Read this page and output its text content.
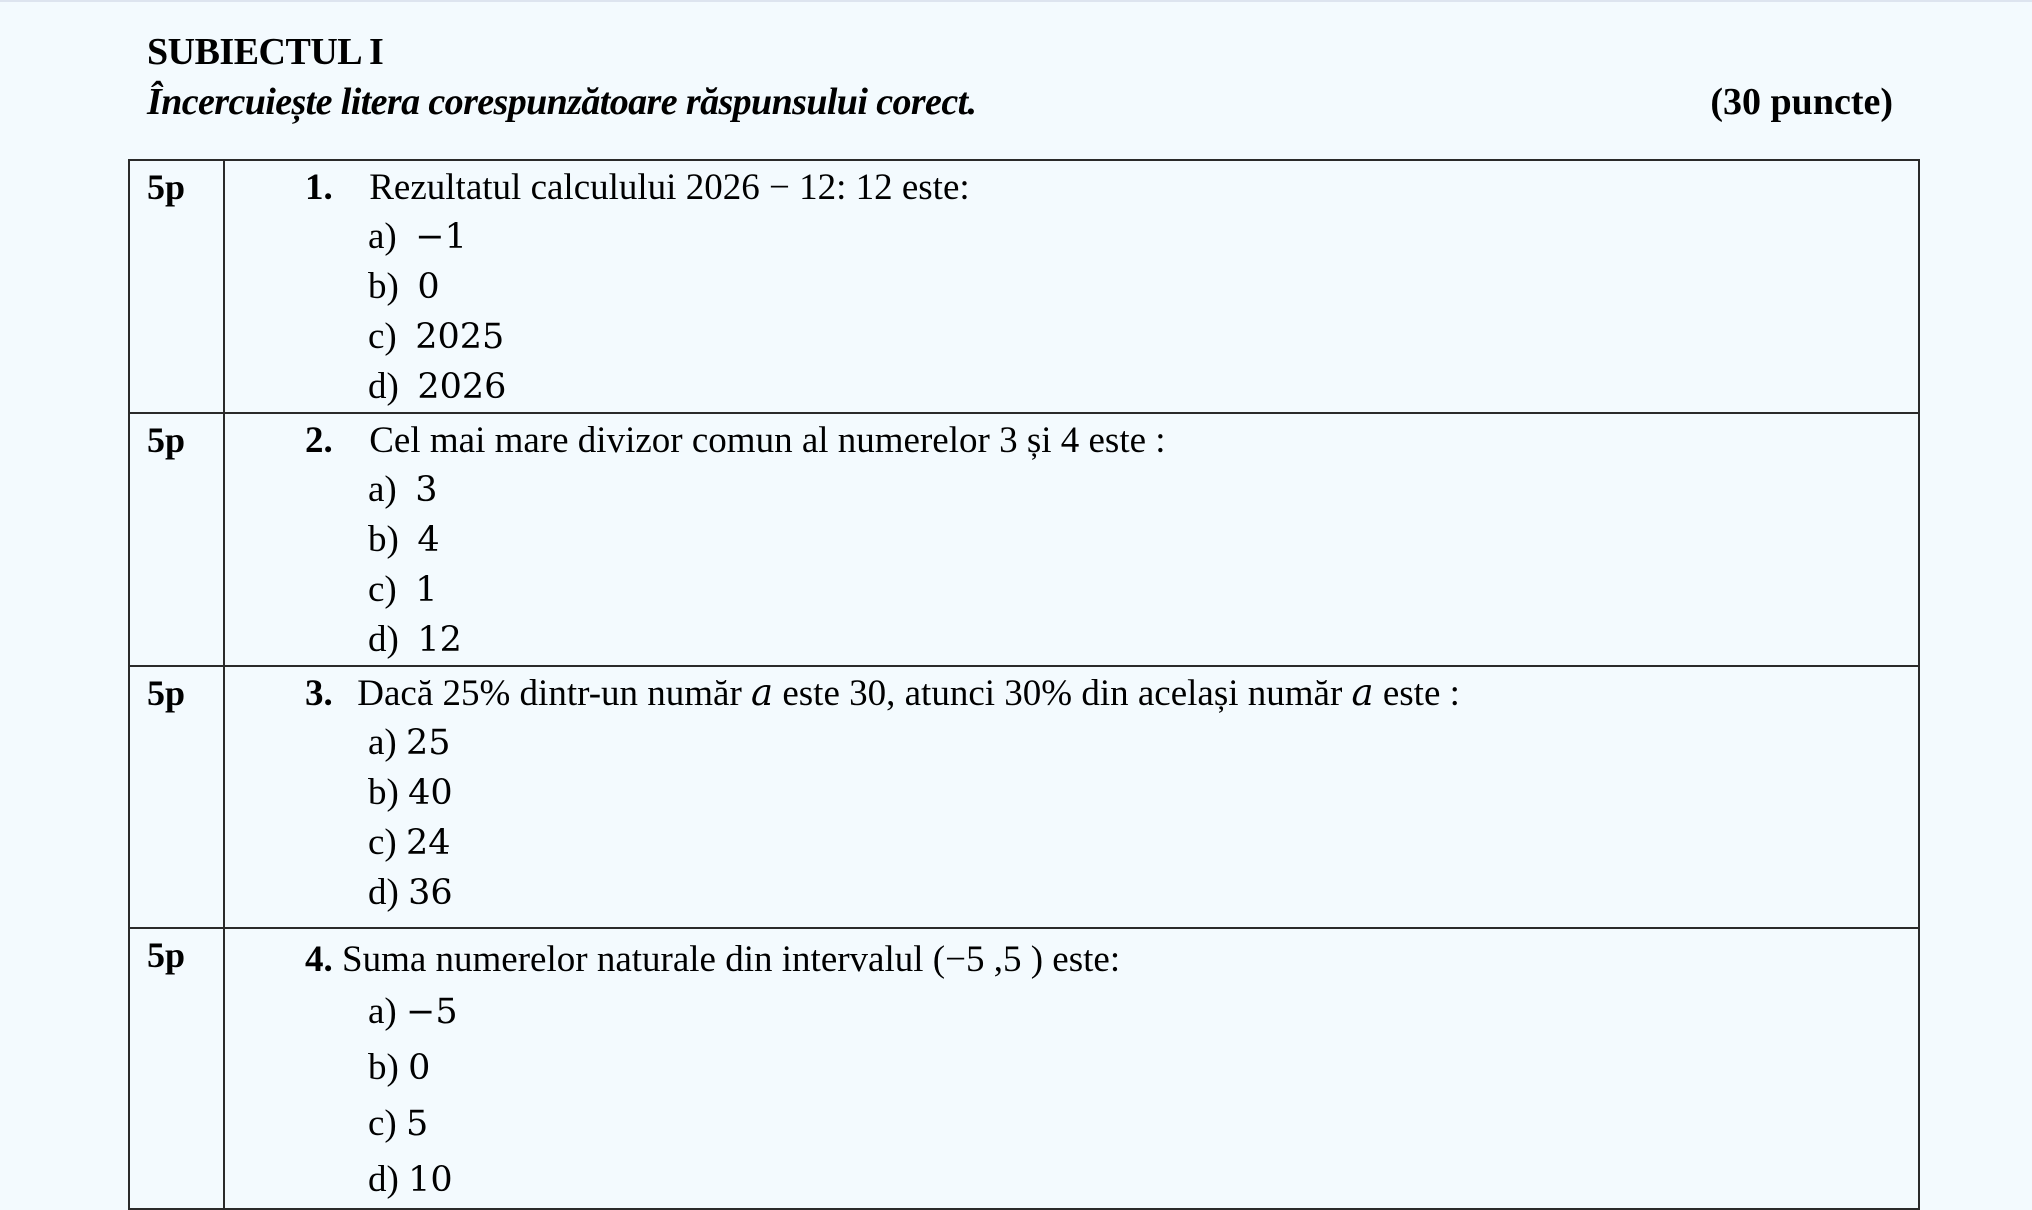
SUBIECTUL I
Încercuiește litera corespunzătoare răspunsului corect.	(30 puncte)
5p	1. Rezultatul calculului 2026 − 12: 12 este:
a) −1
b) 0
c) 2025
d) 2026

5p	2. Cel mai mare divizor comun al numerelor 3 și 4 este :
a) 3
b) 4
c) 1
d) 12

5p	3. Dacă 25% dintr-un număr 𝑎 este 30, atunci 30% din același număr 𝑎 este :
a) 25
b) 40
c) 24
d) 36

5p	4. Suma numerelor naturale din intervalul (−5 ,5 ) este:
a) −5
b) 0
c) 5
d) 10
